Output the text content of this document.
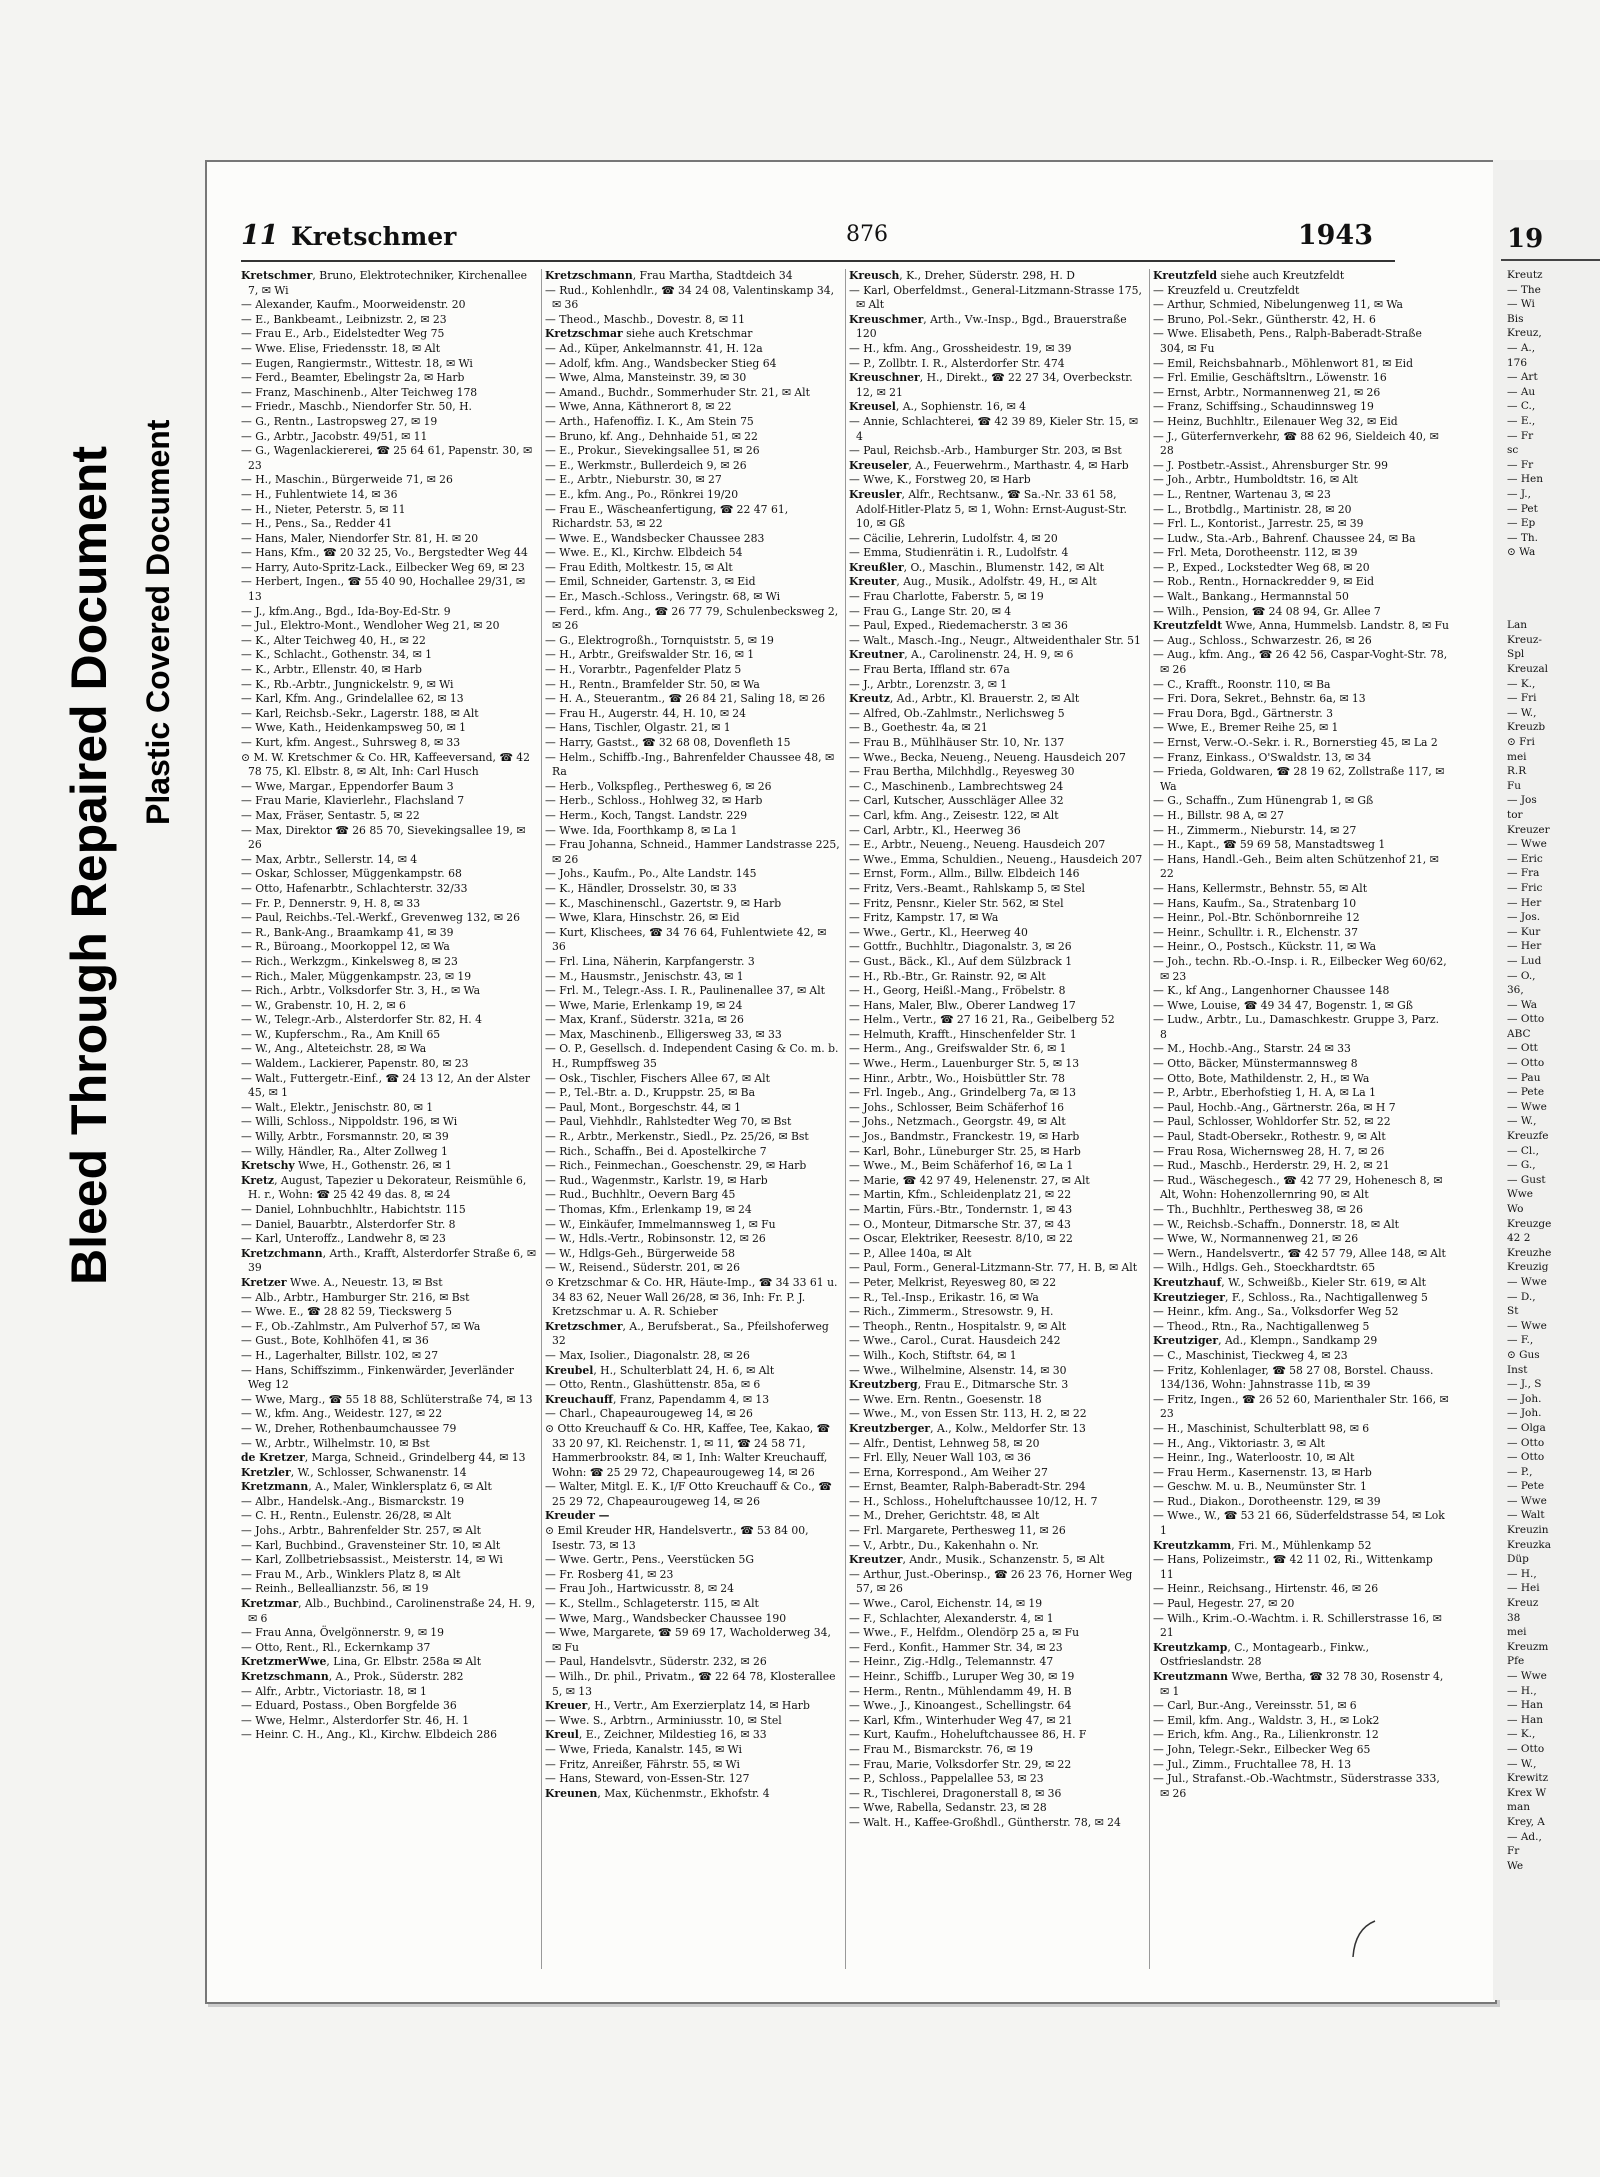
Bleed Through Repaired Document Plastic Covered Document
11 Kretschmer	876	1943

Kretschmer, Bruno, Elektrotechniker, Kirchenallee 7, ✉ Wi

— Alexander, Kaufm., Moorweidenstr. 20

— E., Bankbeamt., Leibnizstr. 2, ✉ 23

— Frau E., Arb., Eidelstedter Weg 75

— Wwe. Elise, Friedensstr. 18, ✉ Alt

— Eugen, Rangiermstr., Wittestr. 18, ✉ Wi

— Ferd., Beamter, Ebelingstr 2a, ✉ Harb

— Franz, Maschinenb., Alter Teichweg 178

— Friedr., Maschb., Niendorfer Str. 50, H.

— G., Rentn., Lastropsweg 27, ✉ 19

— G., Arbtr., Jacobstr. 49/51, ✉ 11

— G., Wagenlackiererei, ☎ 25 64 61, Papenstr. 30, ✉ 23

— H., Maschin., Bürgerweide 71, ✉ 26

— H., Fuhlentwiete 14, ✉ 36

— H., Nieter, Peterstr. 5, ✉ 11

— H., Pens., Sa., Redder 41

— Hans, Maler, Niendorfer Str. 81, H. ✉ 20

— Hans, Kfm., ☎ 20 32 25, Vo., Bergstedter Weg 44

— Harry, Auto-Spritz-Lack., Eilbecker Weg 69, ✉ 23

— Herbert, Ingen., ☎ 55 40 90, Hochallee 29/31, ✉ 13

— J., kfm.Ang., Bgd., Ida-Boy-Ed-Str. 9

— Jul., Elektro-Mont., Wendloher Weg 21, ✉ 20

— K., Alter Teichweg 40, H., ✉ 22

— K., Schlacht., Gothenstr. 34, ✉ 1

— K., Arbtr., Ellenstr. 40, ✉ Harb

— K., Rb.-Arbtr., Jungnickelstr. 9, ✉ Wi

— Karl, Kfm. Ang., Grindelallee 62, ✉ 13

— Karl, Reichsb.-Sekr., Lagerstr. 188, ✉ Alt

— Wwe, Kath., Heidenkampsweg 50, ✉ 1

— Kurt, kfm. Angest., Suhrsweg 8, ✉ 33

⊙ M. W. Kretschmer & Co. HR, Kaffeeversand, ☎ 42 78 75, Kl. Elbstr. 8, ✉ Alt, Inh: Carl Husch

— Wwe, Margar., Eppendorfer Baum 3

— Frau Marie, Klavierlehr., Flachsland 7

— Max, Fräser, Sentastr. 5, ✉ 22

— Max, Direktor ☎ 26 85 70, Sievekingsallee 19, ✉ 26

— Max, Arbtr., Sellerstr. 14, ✉ 4

— Oskar, Schlosser, Müggenkampstr. 68

— Otto, Hafenarbtr., Schlachterstr. 32/33

— Fr. P., Dennerstr. 9, H. 8, ✉ 33

— Paul, Reichbs.-Tel.-Werkf., Grevenweg 132, ✉ 26

— R., Bank-Ang., Braamkamp 41, ✉ 39

— R., Büroang., Moorkoppel 12, ✉ Wa

— Rich., Werkzgm., Kinkelsweg 8, ✉ 23

— Rich., Maler, Müggenkampstr. 23, ✉ 19

— Rich., Arbtr., Volksdorfer Str. 3, H., ✉ Wa

— W., Grabenstr. 10, H. 2, ✉ 6

— W., Telegr.-Arb., Alsterdorfer Str. 82, H. 4

— W., Kupferschm., Ra., Am Knill 65

— W., Ang., Alteteichstr. 28, ✉ Wa

— Waldem., Lackierer, Papenstr. 80, ✉ 23

— Walt., Futtergetr.-Einf., ☎ 24 13 12, An der Alster 45, ✉ 1

— Walt., Elektr., Jenischstr. 80, ✉ 1

— Willi, Schloss., Nippoldstr. 196, ✉ Wi

— Willy, Arbtr., Forsmannstr. 20, ✉ 39

— Willy, Händler, Ra., Alter Zollweg 1

Kretschy Wwe, H., Gothenstr. 26, ✉ 1

Kretz, August, Tapezier u Dekorateur, Reismühle 6, H. r., Wohn: ☎ 25 42 49 das. 8, ✉ 24

— Daniel, Lohnbuchhltr., Habichtstr. 115

— Daniel, Bauarbtr., Alsterdorfer Str. 8

— Karl, Unteroffz., Landwehr 8, ✉ 23

Kretzchmann, Arth., Krafft, Alsterdorfer Straße 6, ✉ 39

Kretzer Wwe. A., Neuestr. 13, ✉ Bst

— Alb., Arbtr., Hamburger Str. 216, ✉ Bst

— Wwe. E., ☎ 28 82 59, Tieckswerg 5

— F., Ob.-Zahlmstr., Am Pulverhof 57, ✉ Wa

— Gust., Bote, Kohlhöfen 41, ✉ 36

— H., Lagerhalter, Billstr. 102, ✉ 27

— Hans, Schiffszimm., Finkenwärder, Jeverländer Weg 12

— Wwe, Marg., ☎ 55 18 88, Schlüterstraße 74, ✉ 13

— W., kfm. Ang., Weidestr. 127, ✉ 22

— W., Dreher, Rothenbaumchaussee 79

— W., Arbtr., Wilhelmstr. 10, ✉ Bst

de Kretzer, Marga, Schneid., Grindelberg 44, ✉ 13

Kretzler, W., Schlosser, Schwanenstr. 14

Kretzmann, A., Maler, Winklersplatz 6, ✉ Alt

— Albr., Handelsk.-Ang., Bismarckstr. 19

— C. H., Rentn., Eulenstr. 26/28, ✉ Alt

— Johs., Arbtr., Bahrenfelder Str. 257, ✉ Alt

— Karl, Buchbind., Gravensteiner Str. 10, ✉ Alt

— Karl, Zollbetriebsassist., Meisterstr. 14, ✉ Wi

— Frau M., Arb., Winklers Platz 8, ✉ Alt

— Reinh., Belleallianzstr. 56, ✉ 19

Kretzmar, Alb., Buchbind., Carolinenstraße 24, H. 9, ✉ 6

— Frau Anna, Övelgönnerstr. 9, ✉ 19

— Otto, Rent., Rl., Eckernkamp 37

KretzmerWwe, Lina, Gr. Elbstr. 258a ✉ Alt

Kretzschmann, A., Prok., Süderstr. 282

— Alfr., Arbtr., Victoriastr. 18, ✉ 1

— Eduard, Postass., Oben Borgfelde 36

— Wwe, Helmr., Alsterdorfer Str. 46, H. 1

— Heinr. C. H., Ang., Kl., Kirchw. Elbdeich 286

Kretzschmann, Frau Martha, Stadtdeich 34

— Rud., Kohlenhdlr., ☎ 34 24 08, Valentinskamp 34, ✉ 36

— Theod., Maschb., Dovestr. 8, ✉ 11

Kretzschmar siehe auch Kretschmar

— Ad., Küper, Ankelmannstr. 41, H. 12a

— Adolf, kfm. Ang., Wandsbecker Stieg 64

— Wwe, Alma, Mansteinstr. 39, ✉ 30

— Amand., Buchdr., Sommerhuder Str. 21, ✉ Alt

— Wwe, Anna, Käthnerort 8, ✉ 22

— Arth., Hafenoffiz. I. K., Am Stein 75

— Bruno, kf. Ang., Dehnhaide 51, ✉ 22

— E., Prokur., Sievekingsallee 51, ✉ 26

— E., Werkmstr., Bullerdeich 9, ✉ 26

— E., Arbtr., Nieburstr. 30, ✉ 27

— E., kfm. Ang., Po., Rönkrei 19/20

— Frau E., Wäscheanfertigung, ☎ 22 47 61, Richardstr. 53, ✉ 22

— Wwe. E., Wandsbecker Chaussee 283

— Wwe. E., Kl., Kirchw. Elbdeich 54

— Frau Edith, Moltkestr. 15, ✉ Alt

— Emil, Schneider, Gartenstr. 3, ✉ Eid

— Er., Masch.-Schloss., Veringstr. 68, ✉ Wi

— Ferd., kfm. Ang., ☎ 26 77 79, Schulenbecksweg 2, ✉ 26

— G., Elektrogroßh., Tornquiststr. 5, ✉ 19

— H., Arbtr., Greifswalder Str. 16, ✉ 1

— H., Vorarbtr., Pagenfelder Platz 5

— H., Rentn., Bramfelder Str. 50, ✉ Wa

— H. A., Steuerantm., ☎ 26 84 21, Saling 18, ✉ 26

— Frau H., Augerstr. 44, H. 10, ✉ 24

— Hans, Tischler, Olgastr. 21, ✉ 1

— Harry, Gastst., ☎ 32 68 08, Dovenfleth 15

— Helm., Schiffb.-Ing., Bahrenfelder Chaussee 48, ✉ Ra

— Herb., Volkspfleg., Perthesweg 6, ✉ 26

— Herb., Schloss., Hohlweg 32, ✉ Harb

— Herm., Koch, Tangst. Landstr. 229

— Wwe. Ida, Foorthkamp 8, ✉ La 1

— Frau Johanna, Schneid., Hammer Landstrasse 225, ✉ 26

— Johs., Kaufm., Po., Alte Landstr. 145

— K., Händler, Drosselstr. 30, ✉ 33

— K., Maschinenschl., Gazertstr. 9, ✉ Harb

— Wwe, Klara, Hinschstr. 26, ✉ Eid

— Kurt, Klischees, ☎ 34 76 64, Fuhlentwiete 42, ✉ 36

— Frl. Lina, Näherin, Karpfangerstr. 3

— M., Hausmstr., Jenischstr. 43, ✉ 1

— Frl. M., Telegr.-Ass. I. R., Paulinenallee 37, ✉ Alt

— Wwe, Marie, Erlenkamp 19, ✉ 24

— Max, Kranf., Süderstr. 321a, ✉ 26

— Max, Maschinenb., Elligersweg 33, ✉ 33

— O. P., Gesellsch. d. Independent Casing & Co. m. b. H., Rumpffsweg 35

— Osk., Tischler, Fischers Allee 67, ✉ Alt

— P., Tel.-Btr. a. D., Kruppstr. 25, ✉ Ba

— Paul, Mont., Borgeschstr. 44, ✉ 1

— Paul, Viehhdlr., Rahlstedter Weg 70, ✉ Bst

— R., Arbtr., Merkenstr., Siedl., Pz. 25/26, ✉ Bst

— Rich., Schaffn., Bei d. Apostelkirche 7

— Rich., Feinmechan., Goeschenstr. 29, ✉ Harb

— Rud., Wagenmstr., Karlstr. 19, ✉ Harb

— Rud., Buchhltr., Oevern Barg 45

— Thomas, Kfm., Erlenkamp 19, ✉ 24

— W., Einkäufer, Immelmannsweg 1, ✉ Fu

— W., Hdls.-Vertr., Robinsonstr. 12, ✉ 26

— W., Hdlgs-Geh., Bürgerweide 58

— W., Reisend., Süderstr. 201, ✉ 26

⊙ Kretzschmar & Co. HR, Häute-Imp., ☎ 34 33 61 u. 34 83 62, Neuer Wall 26/28, ✉ 36, Inh: Fr. P. J. Kretzschmar u. A. R. Schieber

Kretzschmer, A., Berufsberat., Sa., Pfeilshoferweg 32

— Max, Isolier., Diagonalstr. 28, ✉ 26

Kreubel, H., Schulterblatt 24, H. 6, ✉ Alt

— Otto, Rentn., Glashüttenstr. 85a, ✉ 6

Kreuchauff, Franz, Papendamm 4, ✉ 13

— Charl., Chapeaurougeweg 14, ✉ 26

⊙ Otto Kreuchauff & Co. HR, Kaffee, Tee, Kakao, ☎ 33 20 97, Kl. Reichenstr. 1, ✉ 11, ☎ 24 58 71, Hammerbrookstr. 84, ✉ 1, Inh: Walter Kreuchauff, Wohn: ☎ 25 29 72, Chapeaurougeweg 14, ✉ 26

— Walter, Mitgl. E. K., I/F Otto Kreuchauff & Co., ☎ 25 29 72, Chapeaurougeweg 14, ✉ 26

Kreuder —

⊙ Emil Kreuder HR, Handelsvertr., ☎ 53 84 00, Isestr. 73, ✉ 13

— Wwe. Gertr., Pens., Veerstücken 5G

— Fr. Rosberg 41, ✉ 23

— Frau Joh., Hartwicusstr. 8, ✉ 24

— K., Stellm., Schlageterstr. 115, ✉ Alt

— Wwe, Marg., Wandsbecker Chaussee 190

— Wwe, Margarete, ☎ 59 69 17, Wacholderweg 34, ✉ Fu

— Paul, Handelsvtr., Süderstr. 232, ✉ 26

— Wilh., Dr. phil., Privatm., ☎ 22 64 78, Klosterallee 5, ✉ 13

Kreuer, H., Vertr., Am Exerzierplatz 14, ✉ Harb

— Wwe. S., Arbtrn., Arminiusstr. 10, ✉ Stel

Kreul, E., Zeichner, Mildestieg 16, ✉ 33

— Wwe, Frieda, Kanalstr. 145, ✉ Wi

— Fritz, Anreißer, Fährstr. 55, ✉ Wi

— Hans, Steward, von-Essen-Str. 127

Kreunen, Max, Küchenmstr., Ekhofstr. 4

Kreusch, K., Dreher, Süderstr. 298, H. D

— Karl, Oberfeldmst., General-Litzmann-Strasse 175, ✉ Alt

Kreuschmer, Arth., Vw.-Insp., Bgd., Brauerstraße 120

— H., kfm. Ang., Grossheidestr. 19, ✉ 39

— P., Zollbtr. I. R., Alsterdorfer Str. 474

Kreuschner, H., Direkt., ☎ 22 27 34, Overbeckstr. 12, ✉ 21

Kreusel, A., Sophienstr. 16, ✉ 4

— Annie, Schlachterei, ☎ 42 39 89, Kieler Str. 15, ✉ 4

— Paul, Reichsb.-Arb., Hamburger Str. 203, ✉ Bst

Kreuseler, A., Feuerwehrm., Marthastr. 4, ✉ Harb

— Wwe, K., Forstweg 20, ✉ Harb

Kreusler, Alfr., Rechtsanw., ☎ Sa.-Nr. 33 61 58, Adolf-Hitler-Platz 5, ✉ 1, Wohn: Ernst-August-Str. 10, ✉ Gß

— Cäcilie, Lehrerin, Ludolfstr. 4, ✉ 20

— Emma, Studienrätin i. R., Ludolfstr. 4

Kreußler, O., Maschin., Blumenstr. 142, ✉ Alt

Kreuter, Aug., Musik., Adolfstr. 49, H., ✉ Alt

— Frau Charlotte, Faberstr. 5, ✉ 19

— Frau G., Lange Str. 20, ✉ 4

— Paul, Exped., Riedemacherstr. 3 ✉ 36

— Walt., Masch.-Ing., Neugr., Altweidenthaler Str. 51

Kreutner, A., Carolinenstr. 24, H. 9, ✉ 6

— Frau Berta, Iffland str. 67a

— J., Arbtr., Lorenzstr. 3, ✉ 1

Kreutz, Ad., Arbtr., Kl. Brauerstr. 2, ✉ Alt

— Alfred, Ob.-Zahlmstr., Nerlichsweg 5

— B., Goethestr. 4a, ✉ 21

— Frau B., Mühlhäuser Str. 10, Nr. 137

— Wwe., Becka, Neueng., Neueng. Hausdeich 207

— Frau Bertha, Milchhdlg., Reyesweg 30

— C., Maschinenb., Lambrechtsweg 24

— Carl, Kutscher, Ausschläger Allee 32

— Carl, kfm. Ang., Zeisestr. 122, ✉ Alt

— Carl, Arbtr., Kl., Heerweg 36

— E., Arbtr., Neueng., Neueng. Hausdeich 207

— Wwe., Emma, Schuldien., Neueng., Hausdeich 207

— Ernst, Form., Allm., Billw. Elbdeich 146

— Fritz, Vers.-Beamt., Rahlskamp 5, ✉ Stel

— Fritz, Pensnr., Kieler Str. 562, ✉ Stel

— Fritz, Kampstr. 17, ✉ Wa

— Wwe., Gertr., Kl., Heerweg 40

— Gottfr., Buchhltr., Diagonalstr. 3, ✉ 26

— Gust., Bäck., Kl., Auf dem Sülzbrack 1

— H., Rb.-Btr., Gr. Rainstr. 92, ✉ Alt

— H., Georg, Heißl.-Mang., Fröbelstr. 8

— Hans, Maler, Blw., Oberer Landweg 17

— Helm., Vertr., ☎ 27 16 21, Ra., Geibelberg 52

— Helmuth, Krafft., Hinschenfelder Str. 1

— Herm., Ang., Greifswalder Str. 6, ✉ 1

— Wwe., Herm., Lauenburger Str. 5, ✉ 13

— Hinr., Arbtr., Wo., Hoisbüttler Str. 78

— Frl. Ingeb., Ang., Grindelberg 7a, ✉ 13

— Johs., Schlosser, Beim Schäferhof 16

— Johs., Netzmach., Georgstr. 49, ✉ Alt

— Jos., Bandmstr., Franckestr. 19, ✉ Harb

— Karl, Bohr., Lüneburger Str. 25, ✉ Harb

— Wwe., M., Beim Schäferhof 16, ✉ La 1

— Marie, ☎ 42 97 49, Helenenstr. 27, ✉ Alt

— Martin, Kfm., Schleidenplatz 21, ✉ 22

— Martin, Fürs.-Btr., Tondernstr. 1, ✉ 43

— O., Monteur, Ditmarsche Str. 37, ✉ 43

— Oscar, Elektriker, Reesestr. 8/10, ✉ 22

— P., Allee 140a, ✉ Alt

— Paul, Form., General-Litzmann-Str. 77, H. B, ✉ Alt

— Peter, Melkrist, Reyesweg 80, ✉ 22

— R., Tel.-Insp., Erikastr. 16, ✉ Wa

— Rich., Zimmerm., Stresowstr. 9, H.

— Theoph., Rentn., Hospitalstr. 9, ✉ Alt

— Wwe., Carol., Curat. Hausdeich 242

— Wilh., Koch, Stiftstr. 64, ✉ 1

— Wwe., Wilhelmine, Alsenstr. 14, ✉ 30

Kreutzberg, Frau E., Ditmarsche Str. 3

— Wwe. Ern. Rentn., Goesenstr. 18

— Wwe., M., von Essen Str. 113, H. 2, ✉ 22

Kreutzberger, A., Kolw., Meldorfer Str. 13

— Alfr., Dentist, Lehnweg 58, ✉ 20

— Frl. Elly, Neuer Wall 103, ✉ 36

— Erna, Korrespond., Am Weiher 27

— Ernst, Beamter, Ralph-Baberadt-Str. 294

— H., Schloss., Hoheluftchaussee 10/12, H. 7

— M., Dreher, Gerichtstr. 48, ✉ Alt

— Frl. Margarete, Perthesweg 11, ✉ 26

— V., Arbtr., Du., Kakenhahn o. Nr.

Kreutzer, Andr., Musik., Schanzenstr. 5, ✉ Alt

— Arthur, Just.-Oberinsp., ☎ 26 23 76, Horner Weg 57, ✉ 26

— Wwe., Carol, Eichenstr. 14, ✉ 19

— F., Schlachter, Alexanderstr. 4, ✉ 1

— Wwe., F., Helfdm., Olendörp 25 a, ✉ Fu

— Ferd., Konfit., Hammer Str. 34, ✉ 23

— Heinr., Zig.-Hdlg., Telemannstr. 47

— Heinr., Schiffb., Luruper Weg 30, ✉ 19

— Herm., Rentn., Mühlendamm 49, H. B

— Wwe., J., Kinoangest., Schellingstr. 64

— Karl, Kfm., Winterhuder Weg 47, ✉ 21

— Kurt, Kaufm., Hoheluftchaussee 86, H. F

— Frau M., Bismarckstr. 76, ✉ 19

— Frau, Marie, Volksdorfer Str. 29, ✉ 22

— P., Schloss., Pappelallee 53, ✉ 23

— R., Tischlerei, Dragonerstall 8, ✉ 36

— Wwe, Rabella, Sedanstr. 23, ✉ 28

— Walt. H., Kaffee-Großhdl., Güntherstr. 78, ✉ 24

Kreutzfeld siehe auch Kreutzfeldt

— Kreuzfeld u. Creutzfeldt

— Arthur, Schmied, Nibelungenweg 11, ✉ Wa

— Bruno, Pol.-Sekr., Güntherstr. 42, H. 6

— Wwe. Elisabeth, Pens., Ralph-Baberadt-Straße 304, ✉ Fu

— Emil, Reichsbahnarb., Möhlenwort 81, ✉ Eid

— Frl. Emilie, Geschäftsltrn., Löwenstr. 16

— Ernst, Arbtr., Normannenweg 21, ✉ 26

— Franz, Schiffsing., Schaudinnsweg 19

— Heinz, Buchhltr., Eilenauer Weg 32, ✉ Eid

— J., Güterfernverkehr, ☎ 88 62 96, Sieldeich 40, ✉ 28

— J. Postbetr.-Assist., Ahrensburger Str. 99

— Joh., Arbtr., Humboldtstr. 16, ✉ Alt

— L., Rentner, Wartenau 3, ✉ 23

— L., Brotbdlg., Martinistr. 28, ✉ 20

— Frl. L., Kontorist., Jarrestr. 25, ✉ 39

— Ludw., Sta.-Arb., Bahrenf. Chaussee 24, ✉ Ba

— Frl. Meta, Dorotheenstr. 112, ✉ 39

— P., Exped., Lockstedter Weg 68, ✉ 20

— Rob., Rentn., Hornackredder 9, ✉ Eid

— Walt., Bankang., Hermannstal 50

— Wilh., Pension, ☎ 24 08 94, Gr. Allee 7

Kreutzfeldt Wwe, Anna, Hummelsb. Landstr. 8, ✉ Fu

— Aug., Schloss., Schwarzestr. 26, ✉ 26

— Aug., kfm. Ang., ☎ 26 42 56, Caspar-Voght-Str. 78, ✉ 26

— C., Krafft., Roonstr. 110, ✉ Ba

— Fri. Dora, Sekret., Behnstr. 6a, ✉ 13

— Frau Dora, Bgd., Gärtnerstr. 3

— Wwe, E., Bremer Reihe 25, ✉ 1

— Ernst, Verw.-O.-Sekr. i. R., Bornerstieg 45, ✉ La 2

— Franz, Einkass., O'Swaldstr. 13, ✉ 34

— Frieda, Goldwaren, ☎ 28 19 62, Zollstraße 117, ✉ Wa

— G., Schaffn., Zum Hünengrab 1, ✉ Gß

— H., Billstr. 98 A, ✉ 27

— H., Zimmerm., Nieburstr. 14, ✉ 27

— H., Kapt., ☎ 59 69 58, Manstadtsweg 1

— Hans, Handl.-Geh., Beim alten Schützenhof 21, ✉ 22

— Hans, Kellermstr., Behnstr. 55, ✉ Alt

— Hans, Kaufm., Sa., Stratenbarg 10

— Heinr., Pol.-Btr. Schönbornreihe 12

— Heinr., Schulltr. i. R., Elchenstr. 37

— Heinr., O., Postsch., Kückstr. 11, ✉ Wa

— Joh., techn. Rb.-O.-Insp. i. R., Eilbecker Weg 60/62, ✉ 23

— K., kf Ang., Langenhorner Chaussee 148

— Wwe, Louise, ☎ 49 34 47, Bogenstr. 1, ✉ Gß

— Ludw., Arbtr., Lu., Damaschkestr. Gruppe 3, Parz. 8

— M., Hochb.-Ang., Starstr. 24 ✉ 33

— Otto, Bäcker, Münstermannsweg 8

— Otto, Bote, Mathildenstr. 2, H., ✉ Wa

— P., Arbtr., Eberhofstieg 1, H. A, ✉ La 1

— Paul, Hochb.-Ang., Gärtnerstr. 26a, ✉ H 7

— Paul, Schlosser, Wohldorfer Str. 52, ✉ 22

— Paul, Stadt-Obersekr., Rothestr. 9, ✉ Alt

— Frau Rosa, Wichernsweg 28, H. 7, ✉ 26

— Rud., Maschb., Herderstr. 29, H. 2, ✉ 21

— Rud., Wäschegesch., ☎ 42 77 29, Hohenesch 8, ✉ Alt, Wohn: Hohenzollernring 90, ✉ Alt

— Th., Buchhltr., Perthesweg 38, ✉ 26

— W., Reichsb.-Schaffn., Donnerstr. 18, ✉ Alt

— Wwe, W., Normannenweg 21, ✉ 26

— Wern., Handelsvertr., ☎ 42 57 79, Allee 148, ✉ Alt

— Wilh., Hdlgs. Geh., Stoeckhardtstr. 65

Kreutzhauf, W., Schweißb., Kieler Str. 619, ✉ Alt

Kreutzieger, F., Schloss., Ra., Nachtigallenweg 5

— Heinr., kfm. Ang., Sa., Volksdorfer Weg 52

— Theod., Rtn., Ra., Nachtigallenweg 5

Kreutziger, Ad., Klempn., Sandkamp 29

— C., Maschinist, Tieckweg 4, ✉ 23

— Fritz, Kohlenlager, ☎ 58 27 08, Borstel. Chauss. 134/136, Wohn: Jahnstrasse 11b, ✉ 39

— Fritz, Ingen., ☎ 26 52 60, Marienthaler Str. 166, ✉ 23

— H., Maschinist, Schulterblatt 98, ✉ 6

— H., Ang., Viktoriastr. 3, ✉ Alt

— Heinr., Ing., Waterloostr. 10, ✉ Alt

— Frau Herm., Kasernenstr. 13, ✉ Harb

— Geschw. M. u. B., Neumünster Str. 1

— Rud., Diakon., Dorotheenstr. 129, ✉ 39

— Wwe., W., ☎ 53 21 66, Süderfeldstrasse 54, ✉ Lok 1

Kreutzkamm, Fri. M., Mühlenkamp 52

— Hans, Polizeimstr., ☎ 42 11 02, Ri., Wittenkamp 11

— Heinr., Reichsang., Hirtenstr. 46, ✉ 26

— Paul, Hegestr. 27, ✉ 20

— Wilh., Krim.-O.-Wachtm. i. R. Schillerstrasse 16, ✉ 21

Kreutzkamp, C., Montagearb., Finkw., Ostfrieslandstr. 28

Kreutzmann Wwe, Bertha, ☎ 32 78 30, Rosenstr 4, ✉ 1

— Carl, Bur.-Ang., Vereinsstr. 51, ✉ 6

— Emil, kfm. Ang., Waldstr. 3, H., ✉ Lok2

— Erich, kfm. Ang., Ra., Lilienkronstr. 12

— John, Telegr.-Sekr., Eilbecker Weg 65

— Jul., Zimm., Fruchtallee 78, H. 13

— Jul., Strafanst.-Ob.-Wachtmstr., Süderstrasse 333, ✉ 26

19
Kreutz
— The
— Wi
Bis
Kreuz,
— A.,
176
— Art
— Au
— C.,
— E.,
— Fr
sc
— Fr
— Hen
— J.,
— Pet
— Ep
— Th.
⊙ Wa

Lan
Kreuz-
Spl
Kreuzal
— K.,
— Fri
— W.,
Kreuzb
⊙ Fri
mei
R.R
Fu
— Jos
tor
Kreuzer
— Wwe
— Eric
— Fra
— Fric
— Her
— Jos.
— Kur
— Her
— Lud
— O.,
36,
— Wa
— Otto
ABC
— Ott
— Otto
— Pau
— Pete
— Wwe
— W.,
Kreuzfe
— Cl.,
— G.,
— Gust
Wwe
Wo
Kreuzge
42 2
Kreuzhe
Kreuzig
— Wwe
— D.,
St
— Wwe
— F.,
⊙ Gus
Inst
— J., S
— Joh.
— Joh.
— Olga
— Otto
— Otto
— P.,
— Pete
— Wwe
— Walt
Kreuzin
Kreuzka
Düp
— H.,
— Hei
Kreuz
38
mei
Kreuzm
Pfe
— Wwe
— H.,
— Han
— Han
— K.,
— Otto
— W.,
Krewitz
Krex W
man
Krey, A
— Ad.,
Fr
We
